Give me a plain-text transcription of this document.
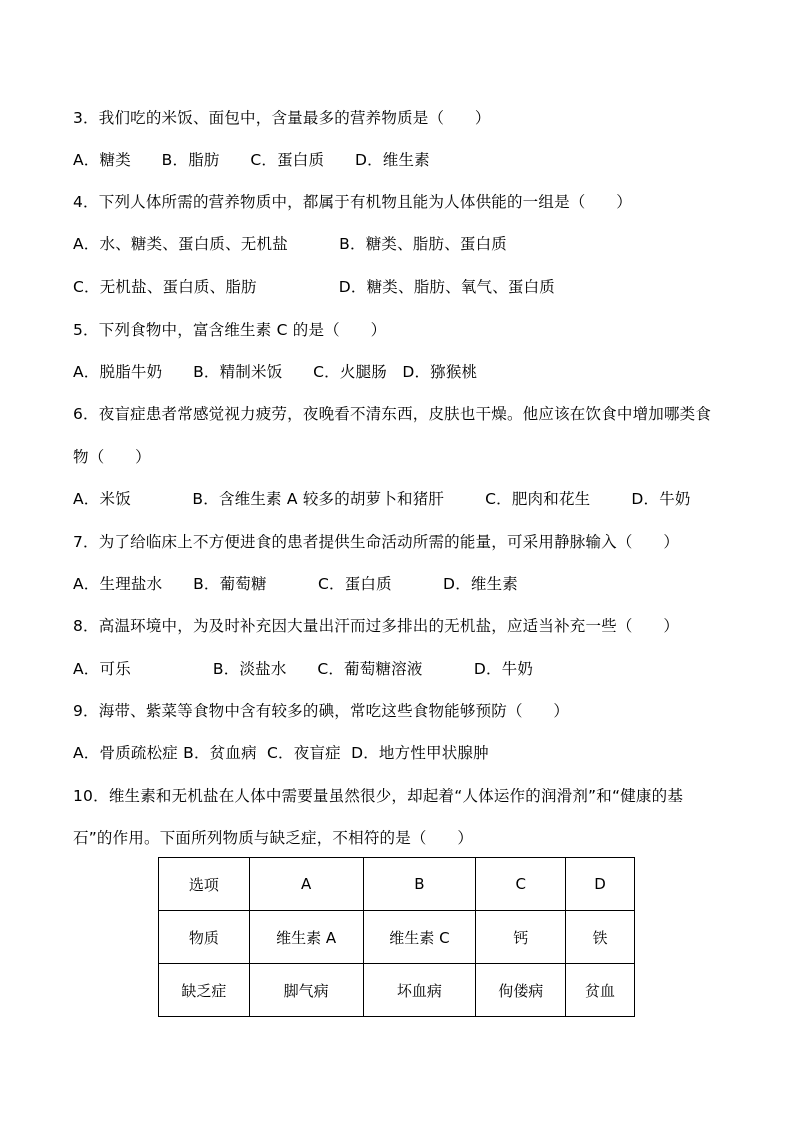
3．我们吃的米饭、面包中，含量最多的营养物质是（      ）
A．糖类      B．脂肪      C．蛋白质      D．维生素
4．下列人体所需的营养物质中，都属于有机物且能为人体供能的一组是（      ）
A．水、糖类、蛋白质、无机盐          B．糖类、脂肪、蛋白质
C．无机盐、蛋白质、脂肪                D．糖类、脂肪、氧气、蛋白质
5．下列食物中，富含维生素 C 的是（      ）
A．脱脂牛奶      B．精制米饭      C．火腿肠   D．猕猴桃
6．夜盲症患者常感觉视力疲劳，夜晚看不清东西，皮肤也干燥。他应该在饮食中增加哪类食
物（      ）
A．米饭            B．含维生素 A 较多的胡萝卜和猪肝        C．肥肉和花生        D．牛奶
7．为了给临床上不方便进食的患者提供生命活动所需的能量，可采用静脉输入（      ）
A．生理盐水      B．葡萄糖          C．蛋白质          D．维生素
8．高温环境中，为及时补充因大量出汗而过多排出的无机盐，应适当补充一些（      ）
A．可乐                B．淡盐水      C．葡萄糖溶液          D．牛奶
9．海带、紫菜等食物中含有较多的碘，常吃这些食物能够预防（      ）
A．骨质疏松症 B．贫血病  C．夜盲症  D．地方性甲状腺肿
10．维生素和无机盐在人体中需要量虽然很少，却起着“人体运作的润滑剂”和“健康的基
石”的作用。下面所列物质与缺乏症，不相符的是（      ）
选项	A	B	C	D
物质	维生素 A	维生素 C	钙	铁
缺乏症	脚气病	坏血病	佝偻病	贫血
